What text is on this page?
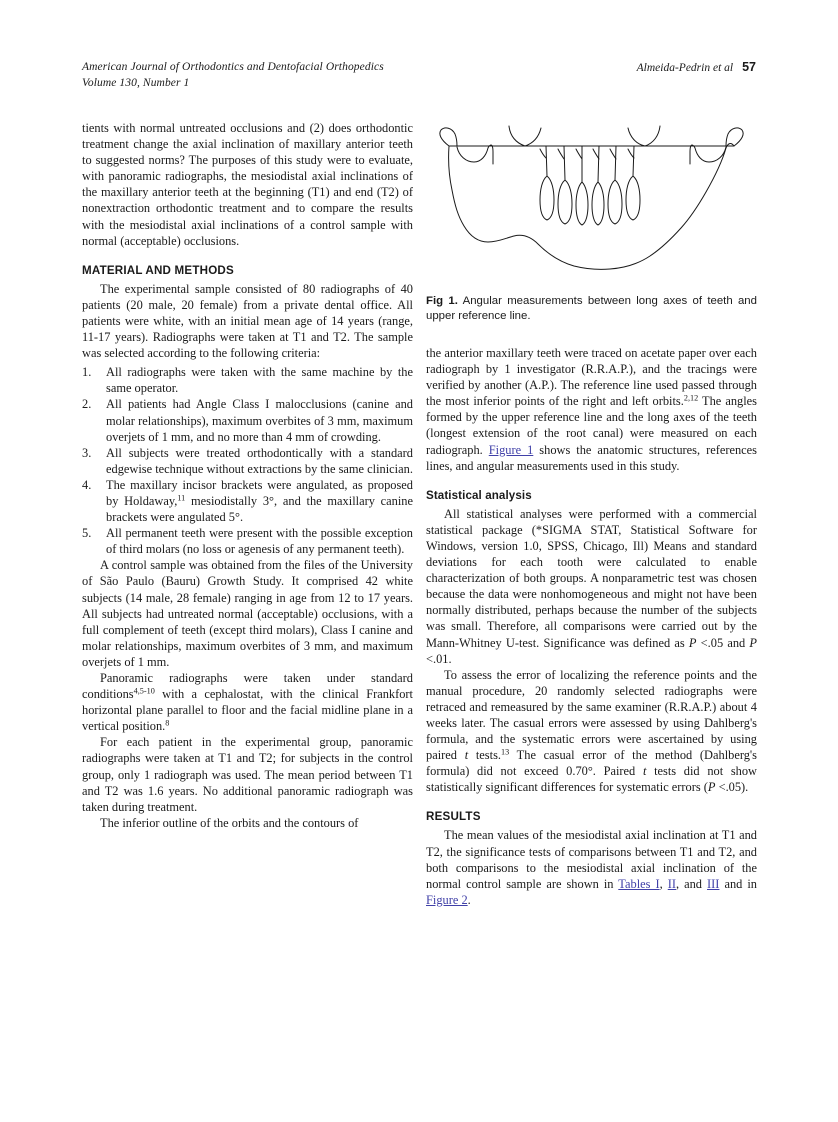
American Journal of Orthodontics and Dentofacial Orthopedics
Volume 130, Number 1
Almeida-Pedrin et al 57

tients with normal untreated occlusions and (2) does orthodontic treatment change the axial inclination of maxillary anterior teeth to suggested norms? The purposes of this study were to evaluate, with panoramic radiographs, the mesiodistal axial inclinations of the maxillary anterior teeth at the beginning (T1) and end (T2) of nonextraction orthodontic treatment and to compare the results with the mesiodistal axial inclinations of a control sample with normal (acceptable) occlusions.

MATERIAL AND METHODS

The experimental sample consisted of 80 radiographs of 40 patients (20 male, 20 female) from a private dental office. All patients were white, with an initial mean age of 14 years (range, 11-17 years). Radiographs were taken at T1 and T2. The sample was selected according to the following criteria:

1.	All radiographs were taken with the same machine by the same operator.
2.	All patients had Angle Class I malocclusions (canine and molar relationships), maximum overbites of 3 mm, maximum overjets of 1 mm, and no more than 4 mm of crowding.
3.	All subjects were treated orthodontically with a standard edgewise technique without extractions by the same clinician.
4.	The maxillary incisor brackets were angulated, as proposed by Holdaway,$^{11}$ mesiodistally 3°, and the maxillary canine brackets were angulated 5°.
5.	All permanent teeth were present with the possible exception of third molars (no loss or agenesis of any permanent teeth).

A control sample was obtained from the files of the University of São Paulo (Bauru) Growth Study. It comprised 42 white subjects (14 male, 28 female) ranging in age from 12 to 17 years. All subjects had untreated normal (acceptable) occlusions, with a full complement of teeth (except third molars), Class I canine and molar relationships, maximum overbites of 3 mm, and maximum overjets of 1 mm.

Panoramic radiographs were taken under standard conditions$^{4,5-10}$ with a cephalostat, with the clinical Frankfort horizontal plane parallel to floor and the facial midline plane in a vertical position.$^8$

For each patient in the experimental group, panoramic radiographs were taken at T1 and T2; for subjects in the control group, only 1 radiograph was used. The mean period between T1 and T2 was 1.6 years. No additional panoramic radiograph was taken during treatment.

The inferior outline of the orbits and the contours of

Fig 1. Angular measurements between long axes of teeth and upper reference line.

the anterior maxillary teeth were traced on acetate paper over each radiograph by 1 investigator (R.R.A.P.), and the tracings were verified by another (A.P.). The reference line used passed through the most inferior points of the right and left orbits.$^{2,12}$ The angles formed by the upper reference line and the long axes of the teeth (longest extension of the root canal) were measured on each radiograph. Figure 1 shows the anatomic structures, references lines, and angular measurements used in this study.

Statistical analysis

All statistical analyses were performed with a commercial statistical package (*SIGMA STAT, Statistical Software for Windows, version 1.0, SPSS, Chicago, Ill) Means and standard deviations for each tooth were calculated to enable characterization of both groups. A nonparametric test was chosen because the data were nonhomogeneous and might not have been normally distributed, perhaps because the number of the subjects was small. Therefore, all comparisons were carried out by the Mann-Whitney U-test. Significance was defined as P <.05 and P <.01.

To assess the error of localizing the reference points and the manual procedure, 20 randomly selected radiographs were retraced and remeasured by the same examiner (R.R.A.P.) about 4 weeks later. The casual errors were assessed by using Dahlberg's formula, and the systematic errors were ascertained by using paired t tests.$^{13}$ The casual error of the method (Dahlberg's formula) did not exceed 0.70°. Paired t tests did not show statistically significant differences for systematic errors (P <.05).

RESULTS

The mean values of the mesiodistal axial inclination at T1 and T2, the significance tests of comparisons between T1 and T2, and both comparisons to the mesiodistal axial inclination of the normal control sample are shown in Tables I, II, and III and in Figure 2.
